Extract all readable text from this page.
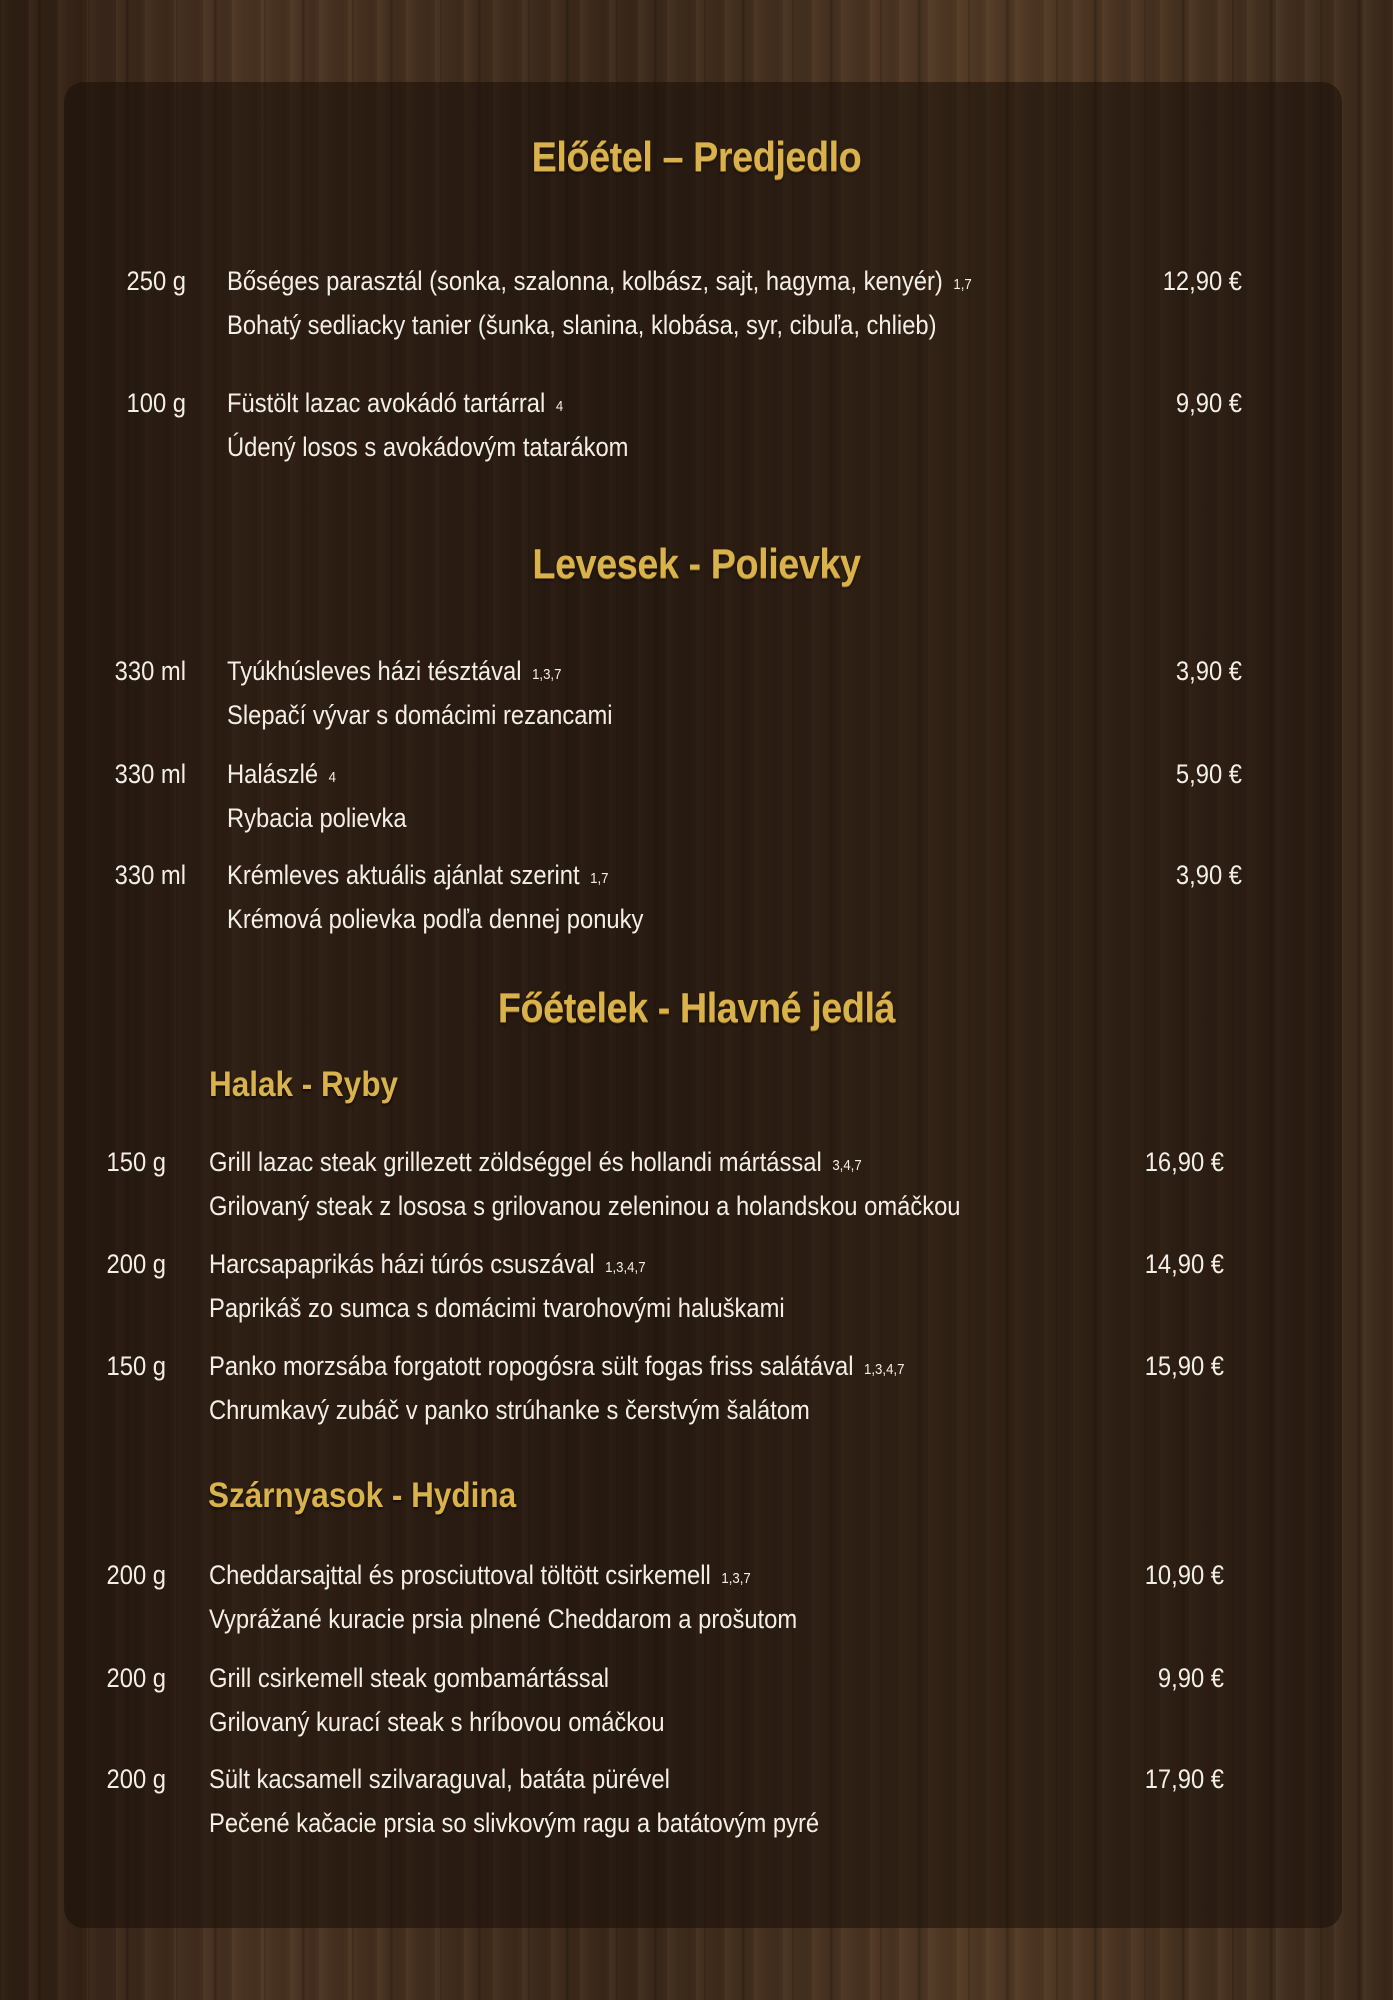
Előétel – Predjedlo
250 g Bőséges parasztál (sonka, szalonna, kolbász, sajt, hagyma, kenyér) 1,7
Bohatý sedliacky tanier (šunka, slanina, klobása, syr, cibuľa, chlieb)
12,90 €
100 g Füstölt lazac avokádó tartárral 4
Údený losos s avokádovým tatarákom
9,90 €
Levesek - Polievky
330 ml Tyúkhúsleves házi tésztával 1,3,7
Slepačí vývar s domácimi rezancami
3,90 €
330 ml Halászlé 4
Rybacia polievka
5,90 €
330 ml Krémleves aktuális ajánlat szerint 1,7
Krémová polievka podľa dennej ponuky
3,90 €
Főételek - Hlavné jedlá
Halak - Ryby
150 g Grill lazac steak grillezett zöldséggel és hollandi mártással 3,4,7
Grilovaný steak z lososa s grilovanou zeleninou a holandskou omáčkou
16,90 €
200 g Harcsapaprikás házi túrós csuszával 1,3,4,7
Paprikáš zo sumca s domácimi tvarohovými haluškami
14,90 €
150 g Panko morzsába forgatott ropogósra sült fogas friss salátával 1,3,4,7
Chrumkavý zubáč v panko strúhanke s čerstvým šalátom
15,90 €
Szárnyasok - Hydina
200 g Cheddarsajttal és prosciuttoval töltött csirkemell 1,3,7
Vyprážané kuracie prsia plnené Cheddarom a prošutom
10,90 €
200 g Grill csirkemell steak gombamártással
Grilovaný kurací steak s hríbovou omáčkou
9,90 €
200 g Sült kacsamell szilvaraguval, batáta pürével
Pečené kačacie prsia so slivkovým ragu a batátovým pyré
17,90 €
